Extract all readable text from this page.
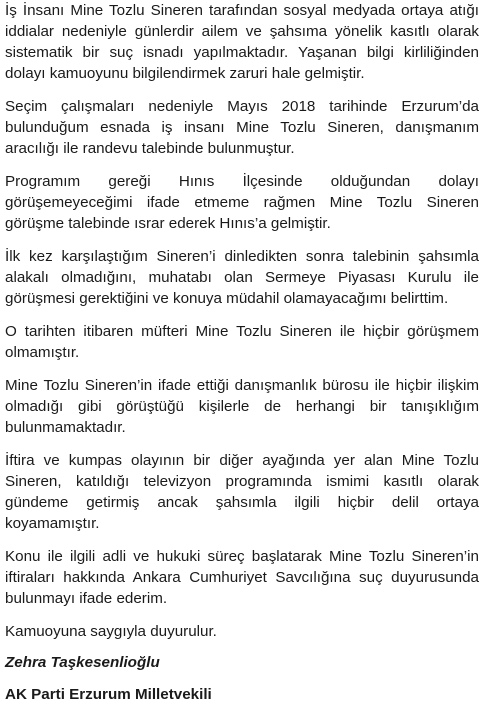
İş İnsanı Mine Tozlu Sineren tarafından sosyal medyada ortaya atığı iddialar nedeniyle günlerdir ailem ve şahsıma yönelik kasıtlı olarak sistematik bir suç isnadı yapılmaktadır. Yaşanan bilgi kirliliğinden dolayı kamuoyunu bilgilendirmek zaruri hale gelmiştir.

Seçim çalışmaları nedeniyle Mayıs 2018 tarihinde Erzurum’da bulunduğum esnada iş insanı Mine Tozlu Sineren, danışmanım aracılığı ile randevu talebinde bulunmuştur.

Programım gereği Hınıs İlçesinde olduğundan dolayı görüşemeyeceğimi ifade etmeme rağmen Mine Tozlu Sineren görüşme talebinde ısrar ederek Hınıs’a gelmiştir.

İlk kez karşılaştığım Sineren’i dinledikten sonra talebinin şahsımla alakalı olmadığını, muhatabı olan Sermeye Piyasası Kurulu ile görüşmesi gerektiğini ve konuya müdahil olamayacağımı belirttim.

O tarihten itibaren müfteri Mine Tozlu Sineren ile hiçbir görüşmem olmamıştır.

Mine Tozlu Sineren’in ifade ettiği danışmanlık bürosu ile hiçbir ilişkim olmadığı gibi görüştüğü kişilerle de herhangi bir tanışıklığım bulunmamaktadır.

İftira ve kumpas olayının bir diğer ayağında yer alan Mine Tozlu Sineren, katıldığı televizyon programında ismimi kasıtlı olarak gündeme getirmiş ancak şahsımla ilgili hiçbir delil ortaya koyamamıştır.

Konu ile ilgili adli ve hukuki süreç başlatarak Mine Tozlu Sineren’in iftiraları hakkında Ankara Cumhuriyet Savcılığına suç duyurusunda bulunmayı ifade ederim.

Kamuoyuna saygıyla duyurulur.

Zehra Taşkesenlioğlu

AK Parti Erzurum Milletvekili
